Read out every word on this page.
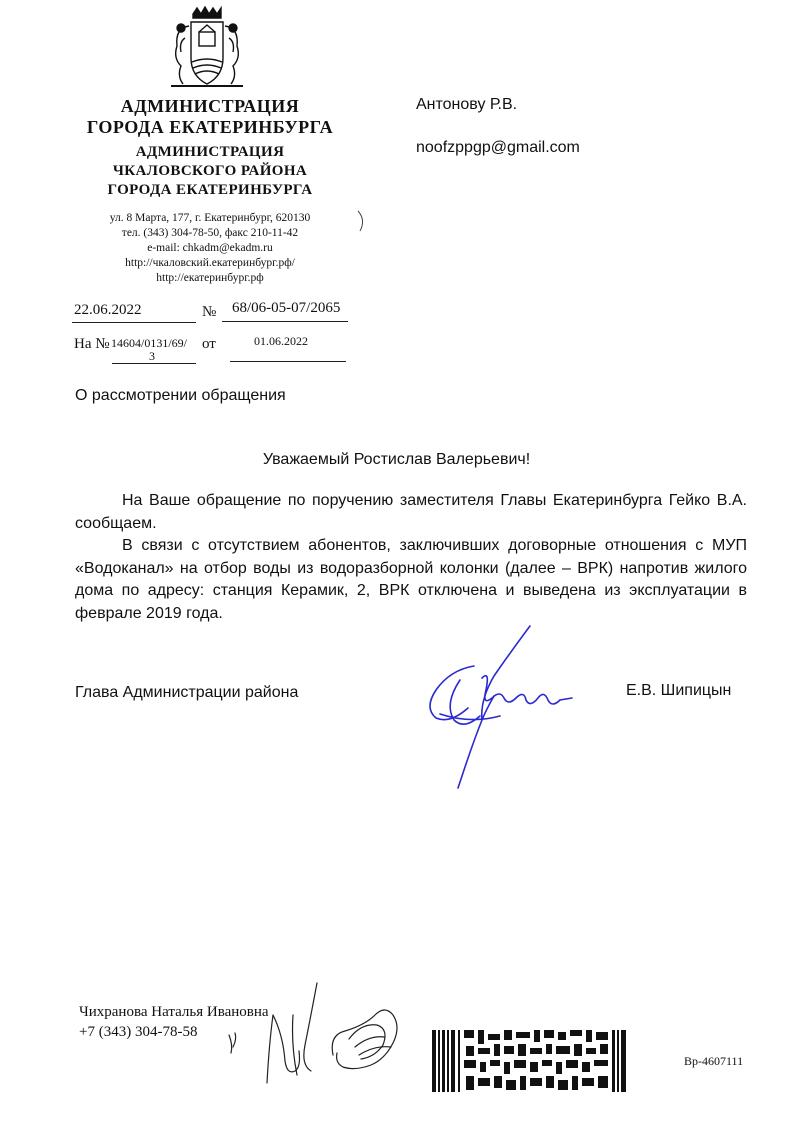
АДМИНИСТРАЦИЯ
ГОРОДА ЕКАТЕРИНБУРГА
АДМИНИСТРАЦИЯ
ЧКАЛОВСКОГО РАЙОНА
ГОРОДА ЕКАТЕРИНБУРГА
ул. 8 Марта, 177, г. Екатеринбург, 620130
тел. (343) 304-78-50, факс 210-11-42
e-mail: chkadm@ekadm.ru
http://чкаловский.екатеринбург.рф/
http://екатеринбург.рф
Антонову Р.В.
noofzppgp@gmail.com
22.06.2022	№ 68/06-05-07/2065
На № 14604/0131/69/
3
от	01.06.2022
О рассмотрении обращения
Уважаемый Ростислав Валерьевич!

На Ваше обращение по поручению заместителя Главы Екатеринбурга Гейко В.А. сообщаем.

В связи с отсутствием абонентов, заключивших договорные отношения с МУП «Водоканал» на отбор воды из водоразборной колонки (далее – ВРК) напротив жилого дома по адресу: станция Керамик, 2, ВРК отключена и выведена из эксплуатации в феврале 2019 года.

Глава Администрации района	Е.В. Шипицын
Чихранова Наталья Ивановна
+7 (343) 304-78-58
Вр-4607111
